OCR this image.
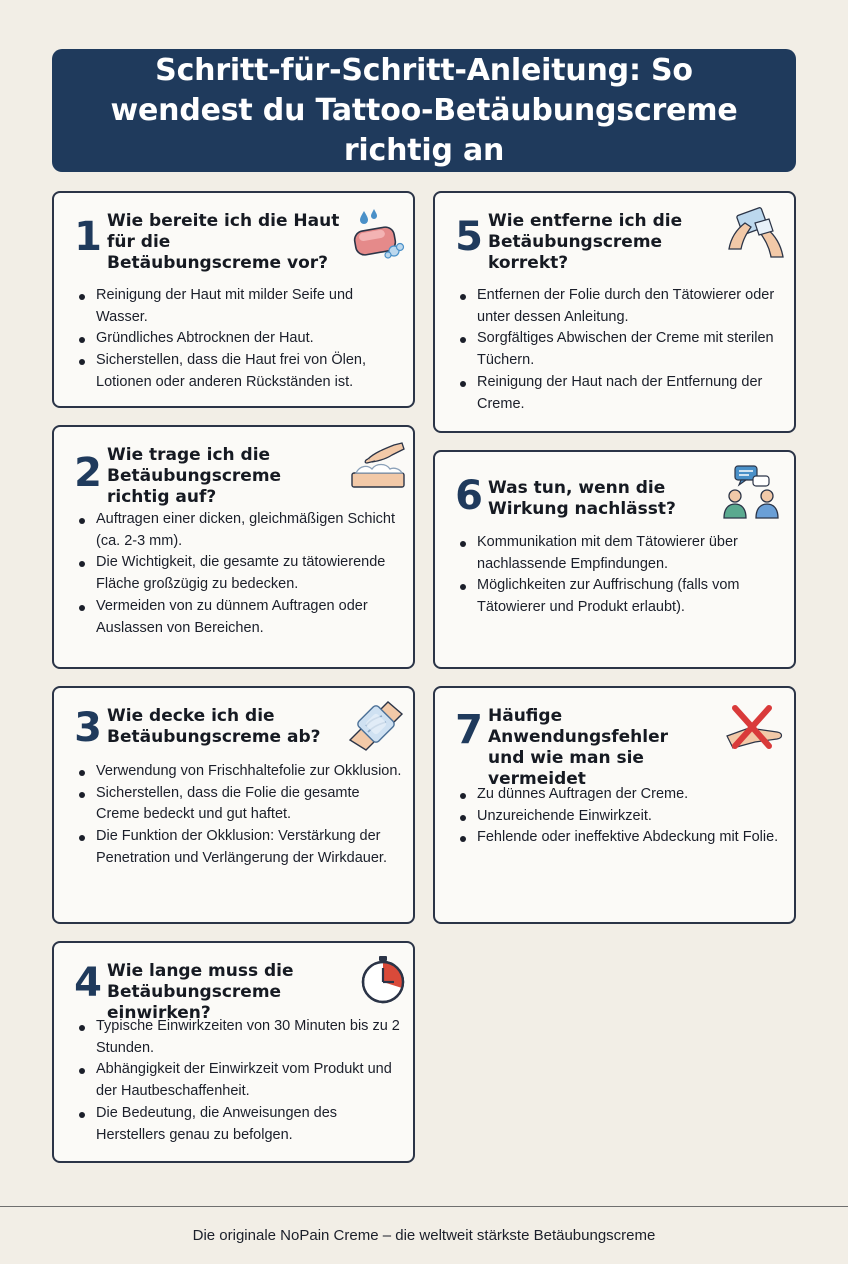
Schritt-für-Schritt-Anleitung: So wendest du Tattoo-Betäubungscreme richtig an
1 Wie bereite ich die Haut für die Betäubungscreme vor?
Reinigung der Haut mit milder Seife und Wasser.
Gründliches Abtrocknen der Haut.
Sicherstellen, dass die Haut frei von Ölen, Lotionen oder anderen Rückständen ist.
2 Wie trage ich die Betäubungscreme richtig auf?
Auftragen einer dicken, gleichmäßigen Schicht (ca. 2-3 mm).
Die Wichtigkeit, die gesamte zu tätowierende Fläche großzügig zu bedecken.
Vermeiden von zu dünnem Auftragen oder Auslassen von Bereichen.
3 Wie decke ich die Betäubungscreme ab?
Verwendung von Frischhaltefolie zur Okklusion.
Sicherstellen, dass die Folie die gesamte Creme bedeckt und gut haftet.
Die Funktion der Okklusion: Verstärkung der Penetration und Verlängerung der Wirkdauer.
4 Wie lange muss die Betäubungscreme einwirken?
Typische Einwirkzeiten von 30 Minuten bis zu 2 Stunden.
Abhängigkeit der Einwirkzeit vom Produkt und der Hautbeschaffenheit.
Die Bedeutung, die Anweisungen des Herstellers genau zu befolgen.
5 Wie entferne ich die Betäubungscreme korrekt?
Entfernen der Folie durch den Tätowierer oder unter dessen Anleitung.
Sorgfältiges Abwischen der Creme mit sterilen Tüchern.
Reinigung der Haut nach der Entfernung der Creme.
6 Was tun, wenn die Wirkung nachlässt?
Kommunikation mit dem Tätowierer über nachlassende Empfindungen.
Möglichkeiten zur Auffrischung (falls vom Tätowierer und Produkt erlaubt).
7 Häufige Anwendungsfehler und wie man sie vermeidet
Zu dünnes Auftragen der Creme.
Unzureichende Einwirkzeit.
Fehlende oder ineffektive Abdeckung mit Folie.
Die originale NoPain Creme – die weltweit stärkste Betäubungscreme
